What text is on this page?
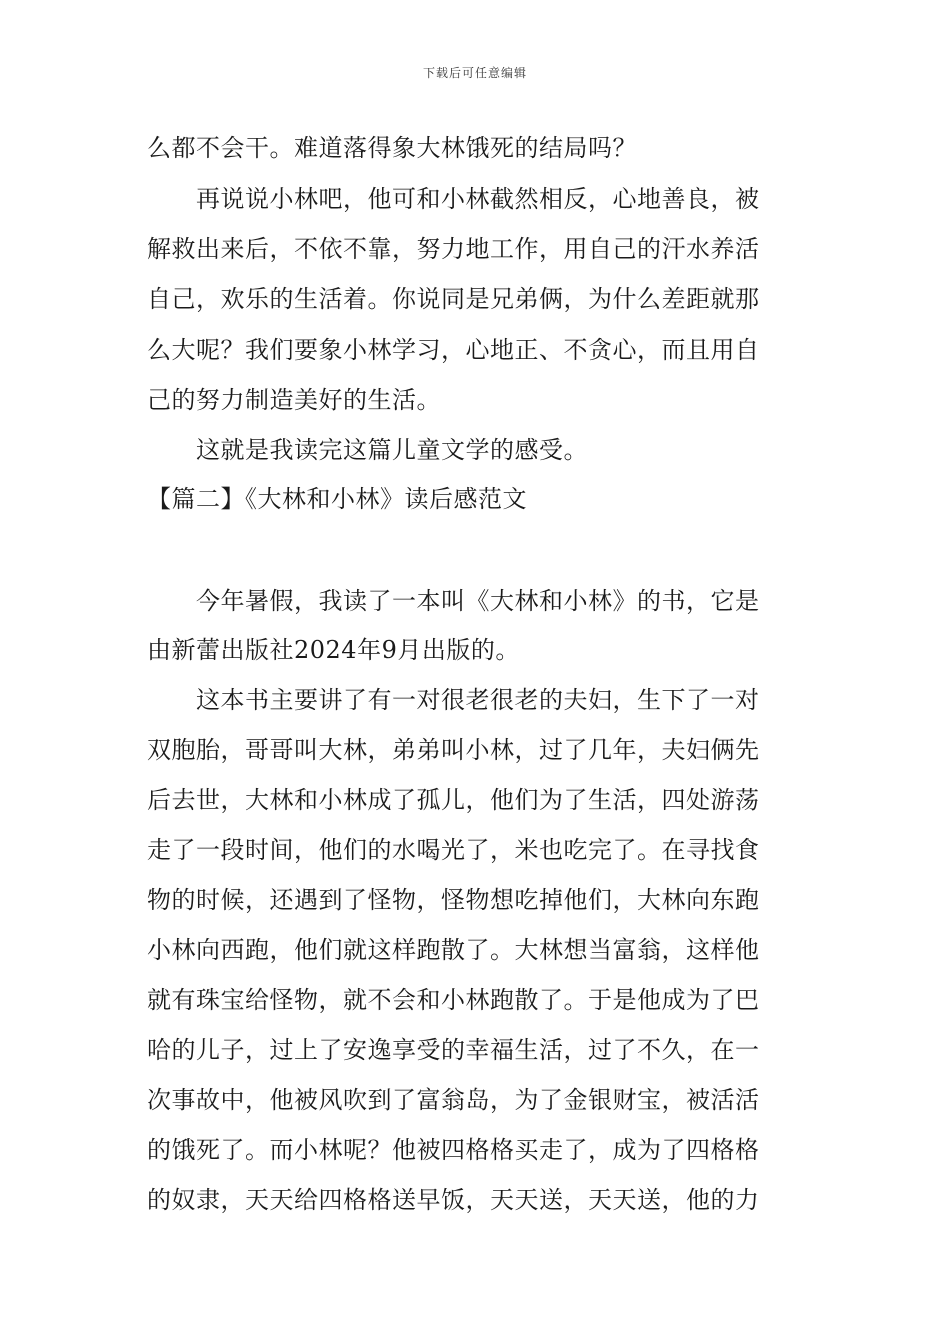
下载后可任意编辑
么都不会干。难道落得象大林饿死的结局吗？
再说说小林吧，他可和小林截然相反，心地善良，被
解救出来后，不依不靠，努力地工作，用自己的汗水养活
自己，欢乐的生活着。你说同是兄弟俩，为什么差距就那
么大呢？我们要象小林学习，心地正、不贪心，而且用自
己的努力制造美好的生活。
这就是我读完这篇儿童文学的感受。
【篇二】《大林和小林》读后感范文
今年暑假，我读了一本叫《大林和小林》的书，它是
由新蕾出版社2024年9月出版的。
这本书主要讲了有一对很老很老的夫妇，生下了一对
双胞胎，哥哥叫大林，弟弟叫小林，过了几年，夫妇俩先
后去世，大林和小林成了孤儿，他们为了生活，四处游荡
走了一段时间，他们的水喝光了，米也吃完了。在寻找食
物的时候，还遇到了怪物，怪物想吃掉他们，大林向东跑
小林向西跑，他们就这样跑散了。大林想当富翁，这样他
就有珠宝给怪物，就不会和小林跑散了。于是他成为了巴
哈的儿子，过上了安逸享受的幸福生活，过了不久，在一
次事故中，他被风吹到了富翁岛，为了金银财宝，被活活
的饿死了。而小林呢？他被四格格买走了，成为了四格格
的奴隶，天天给四格格送早饭，天天送，天天送，他的力
